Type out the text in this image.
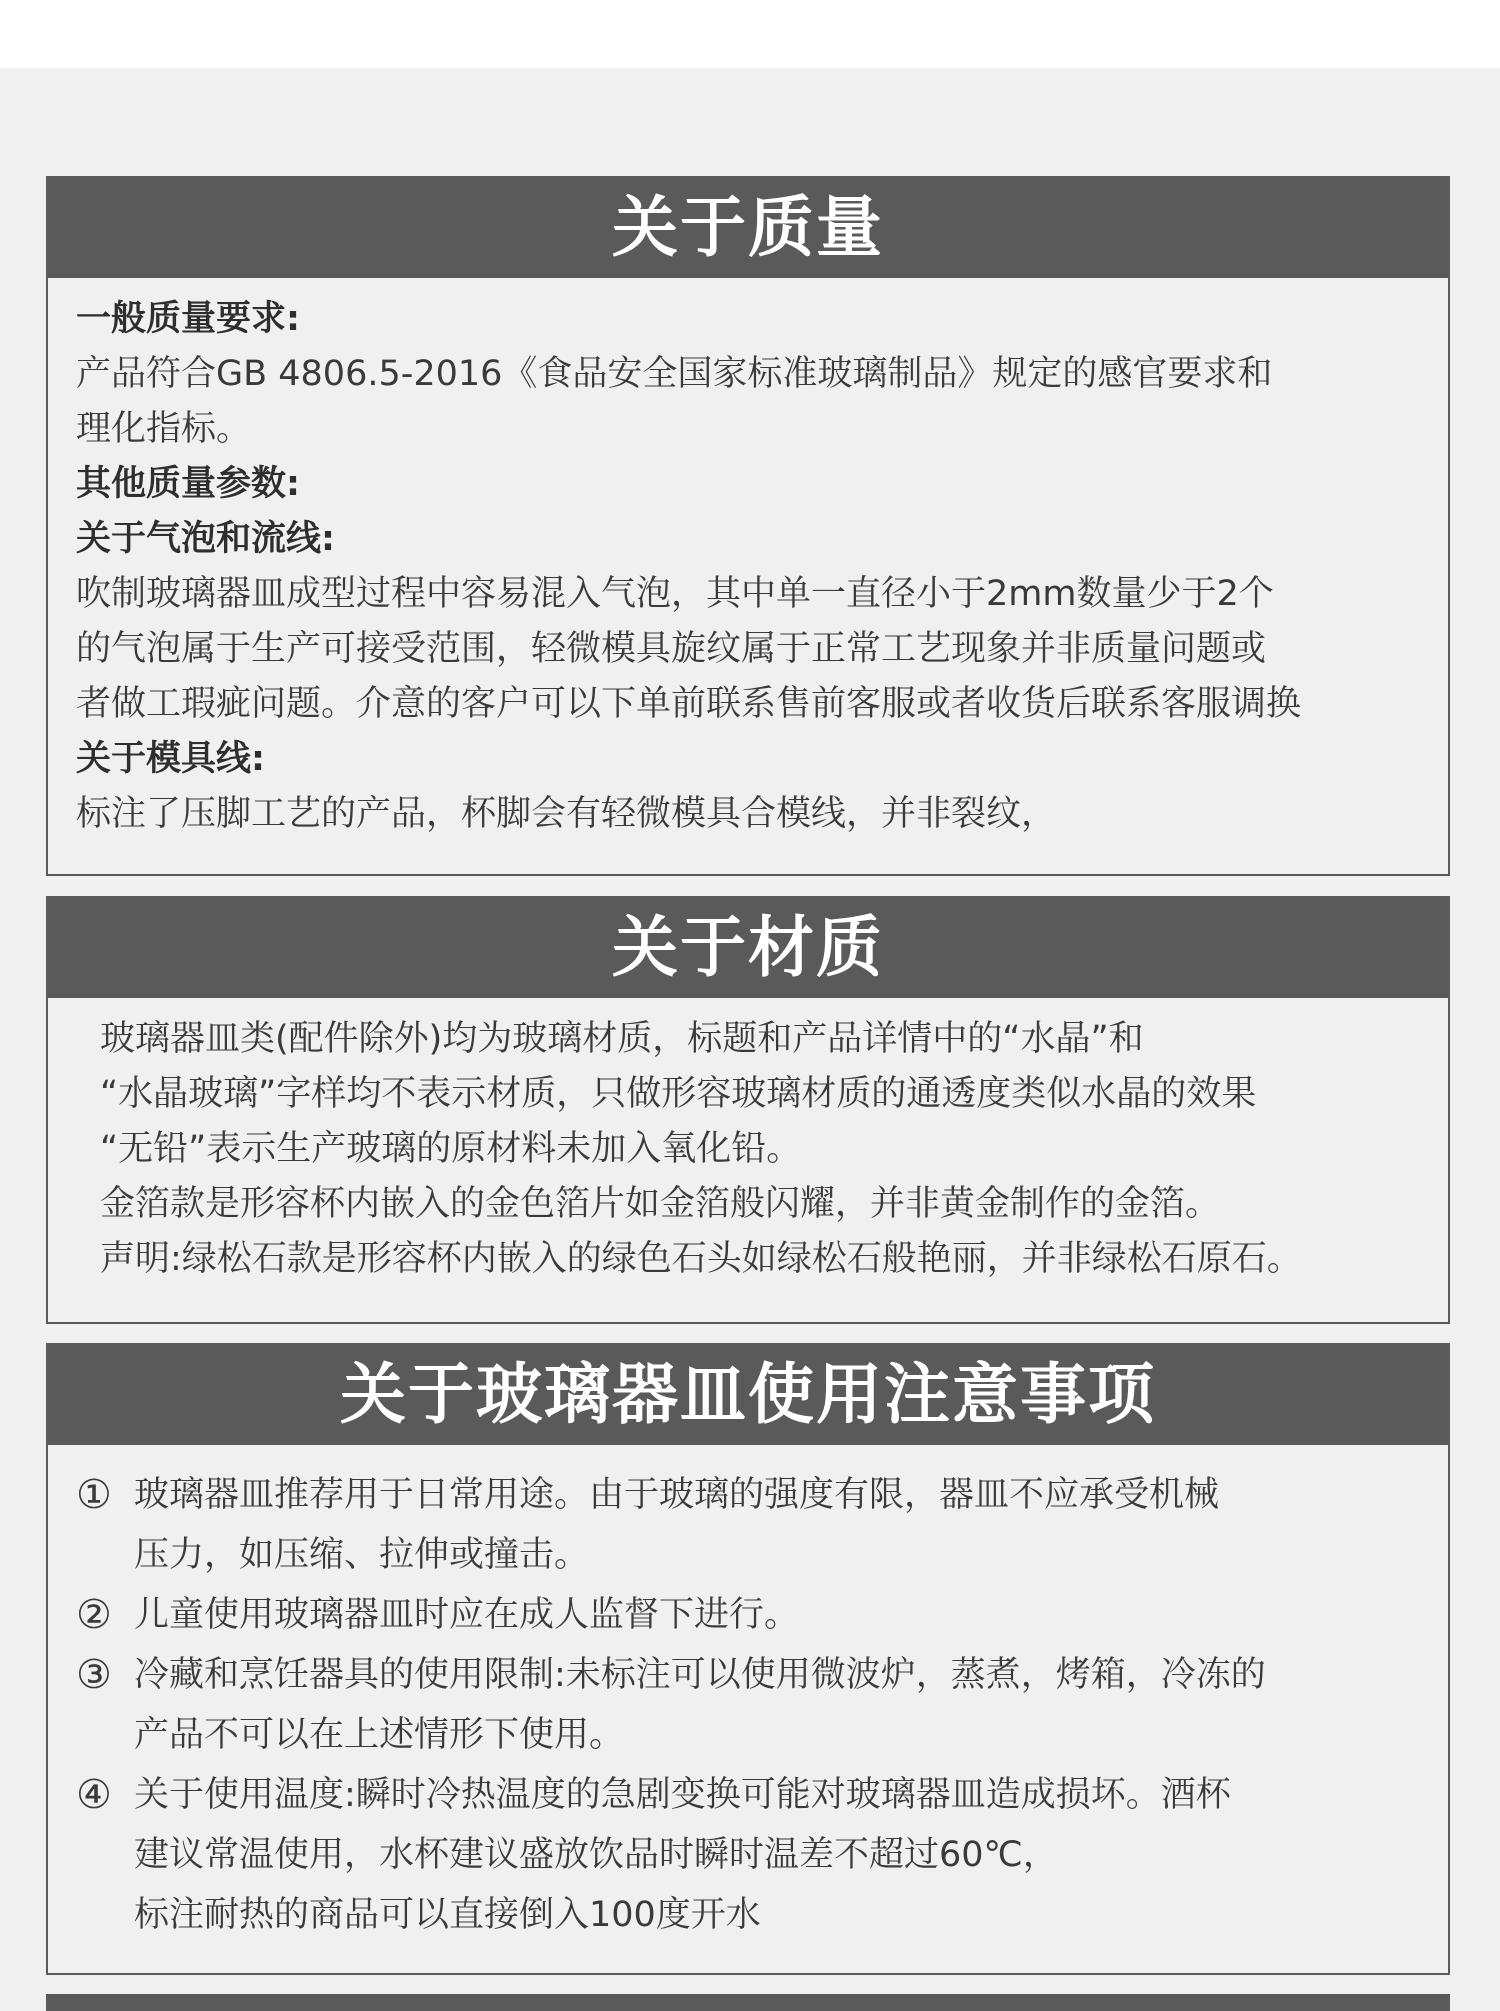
关于质量
一般质量要求:
产品符合GB 4806.5-2016《食品安全国家标准玻璃制品》规定的感官要求和
理化指标。
其他质量参数:
关于气泡和流线:
吹制玻璃器皿成型过程中容易混入气泡，其中单一直径小于2mm数量少于2个
的气泡属于生产可接受范围，轻微模具旋纹属于正常工艺现象并非质量问题或
者做工瑕疵问题。介意的客户可以下单前联系售前客服或者收货后联系客服调换
关于模具线:
标注了压脚工艺的产品，杯脚会有轻微模具合模线，并非裂纹，
关于材质
玻璃器皿类(配件除外)均为玻璃材质，标题和产品详情中的“水晶”和
“水晶玻璃”字样均不表示材质，只做形容玻璃材质的通透度类似水晶的效果
“无铅”表示生产玻璃的原材料未加入氧化铅。
金箔款是形容杯内嵌入的金色箔片如金箔般闪耀，并非黄金制作的金箔。
声明:绿松石款是形容杯内嵌入的绿色石头如绿松石般艳丽，并非绿松石原石。
关于玻璃器皿使用注意事项
① 玻璃器皿推荐用于日常用途。由于玻璃的强度有限，器皿不应承受机械
压力，如压缩、拉伸或撞击。
② 儿童使用玻璃器皿时应在成人监督下进行。
③ 冷藏和烹饪器具的使用限制:未标注可以使用微波炉，蒸煮，烤箱，冷冻的
产品不可以在上述情形下使用。
④ 关于使用温度:瞬时冷热温度的急剧变换可能对玻璃器皿造成损坏。酒杯
建议常温使用，水杯建议盛放饮品时瞬时温差不超过60℃，
标注耐热的商品可以直接倒入100度开水
